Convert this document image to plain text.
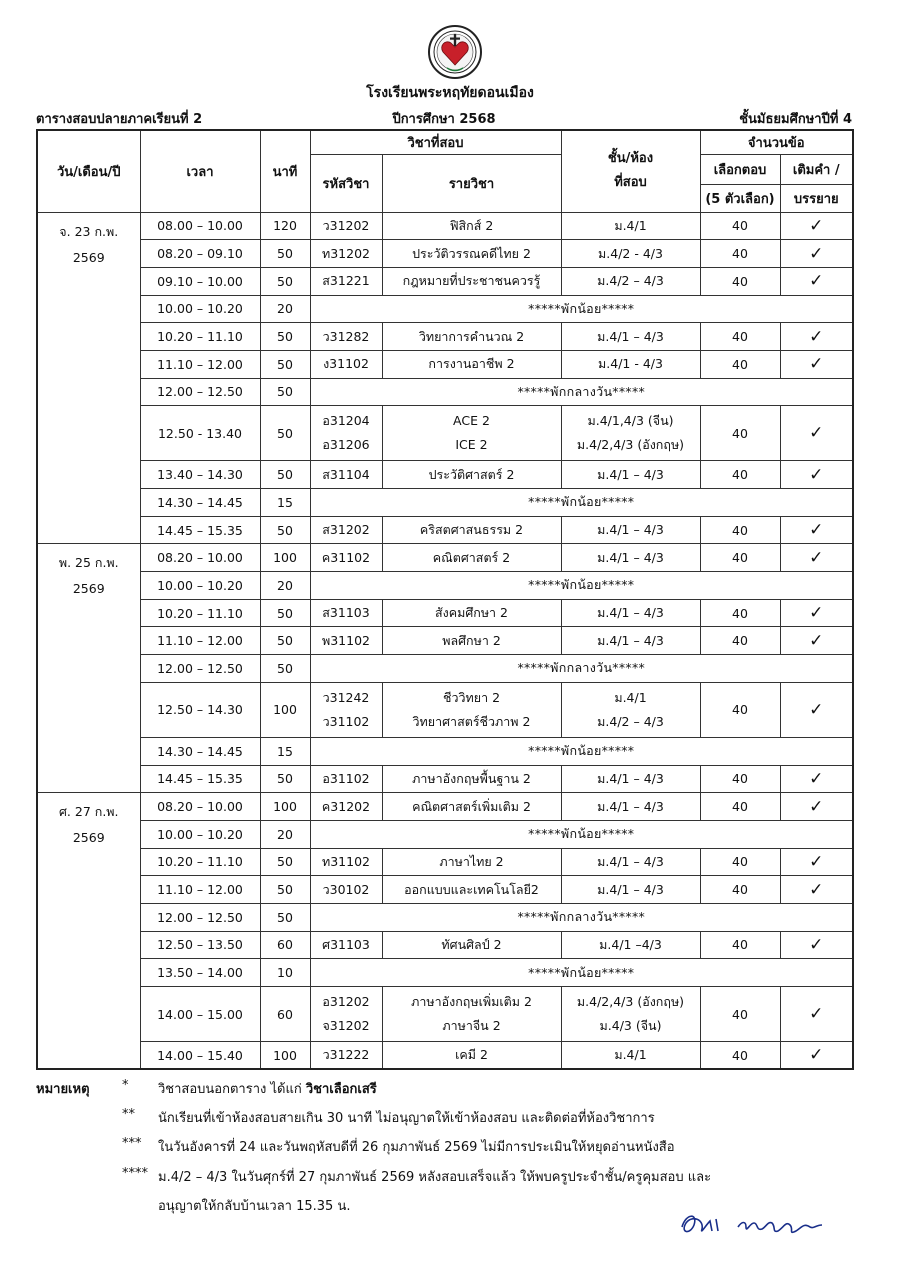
โรงเรียนพระหฤทัยดอนเมือง
ปีการศึกษา 2568
ตารางสอบปลายภาคเรียนที่ 2	ชั้นมัธยมศึกษาปีที่ 4
วัน/เดือน/ปี	เวลา	นาที	วิชาที่สอบ		ชั้น/ห้อง
ที่สอบ	จำนวนข้อ	
			รหัสวิชา	รายวิชา		เลือกตอบ	เติมคำ /
						(5 ตัวเลือก)	บรรยาย

จ. 23 ก.พ.
2569	08.00 – 10.00	120	ว31202	ฟิสิกส์ 2	ม.4/1	40	✓
	08.20 – 09.10	50	ท31202	ประวัติวรรณคดีไทย 2	ม.4/2 - 4/3	40	✓
	09.10 – 10.00	50	ส31221	กฎหมายที่ประชาชนควรรู้	ม.4/2 – 4/3	40	✓
	10.00 – 10.20	20	*****พักน้อย*****				
	10.20 – 11.10	50	ว31282	วิทยาการคำนวณ 2	ม.4/1 – 4/3	40	✓
	11.10 – 12.00	50	ง31102	การงานอาชีพ 2	ม.4/1 - 4/3	40	✓
	12.00 – 12.50	50	*****พักกลางวัน*****				
	12.50 - 13.40	50	อ31204
อ31206	ACE 2
ICE 2	ม.4/1,4/3 (จีน)
ม.4/2,4/3 (อังกฤษ)	40	✓
	13.40 – 14.30	50	ส31104	ประวัติศาสตร์ 2	ม.4/1 – 4/3	40	✓
	14.30 – 14.45	15	*****พักน้อย*****				
	14.45 – 15.35	50	ส31202	คริสตศาสนธรรม 2	ม.4/1 – 4/3	40	✓

พ. 25 ก.พ.
2569	08.20 – 10.00	100	ค31102	คณิตศาสตร์ 2	ม.4/1 – 4/3	40	✓
	10.00 – 10.20	20	*****พักน้อย*****				
	10.20 – 11.10	50	ส31103	สังคมศึกษา 2	ม.4/1 – 4/3	40	✓
	11.10 – 12.00	50	พ31102	พลศึกษา 2	ม.4/1 – 4/3	40	✓
	12.00 – 12.50	50	*****พักกลางวัน*****				
	12.50 – 14.30	100	ว31242
ว31102	ชีววิทยา 2
วิทยาศาสตร์ชีวภาพ 2	ม.4/1
ม.4/2 – 4/3	40	✓
	14.30 – 14.45	15	*****พักน้อย*****				
	14.45 – 15.35	50	อ31102	ภาษาอังกฤษพื้นฐาน 2	ม.4/1 – 4/3	40	✓

ศ. 27 ก.พ.
2569	08.20 – 10.00	100	ค31202	คณิตศาสตร์เพิ่มเติม 2	ม.4/1 – 4/3	40	✓
	10.00 – 10.20	20	*****พักน้อย*****				
	10.20 – 11.10	50	ท31102	ภาษาไทย 2	ม.4/1 – 4/3	40	✓
	11.10 – 12.00	50	ว30102	ออกแบบและเทคโนโลยี2	ม.4/1 – 4/3	40	✓
	12.00 – 12.50	50	*****พักกลางวัน*****				
	12.50 – 13.50	60	ศ31103	ทัศนศิลป์ 2	ม.4/1 –4/3	40	✓
	13.50 – 14.00	10	*****พักน้อย*****				
	14.00 – 15.00	60	อ31202
จ31202	ภาษาอังกฤษเพิ่มเติม 2
ภาษาจีน 2	ม.4/2,4/3 (อังกฤษ)
ม.4/3 (จีน)	40	✓
	14.00 – 15.40	100	ว31222	เคมี 2	ม.4/1	40	✓
หมายเหตุ * วิชาสอบนอกตาราง ได้แก่ วิชาเลือกเสรี
** นักเรียนที่เข้าห้องสอบสายเกิน 30 นาที ไม่อนุญาตให้เข้าห้องสอบ และติดต่อที่ห้องวิชาการ
*** ในวันอังคารที่ 24 และวันพฤหัสบดีที่ 26 กุมภาพันธ์ 2569 ไม่มีการประเมินให้หยุดอ่านหนังสือ
**** ม.4/2 – 4/3 ในวันศุกร์ที่ 27 กุมภาพันธ์ 2569 หลังสอบเสร็จแล้ว ให้พบครูประจำชั้น/ครูคุมสอบ และ
อนุญาตให้กลับบ้านเวลา 15.35 น.
